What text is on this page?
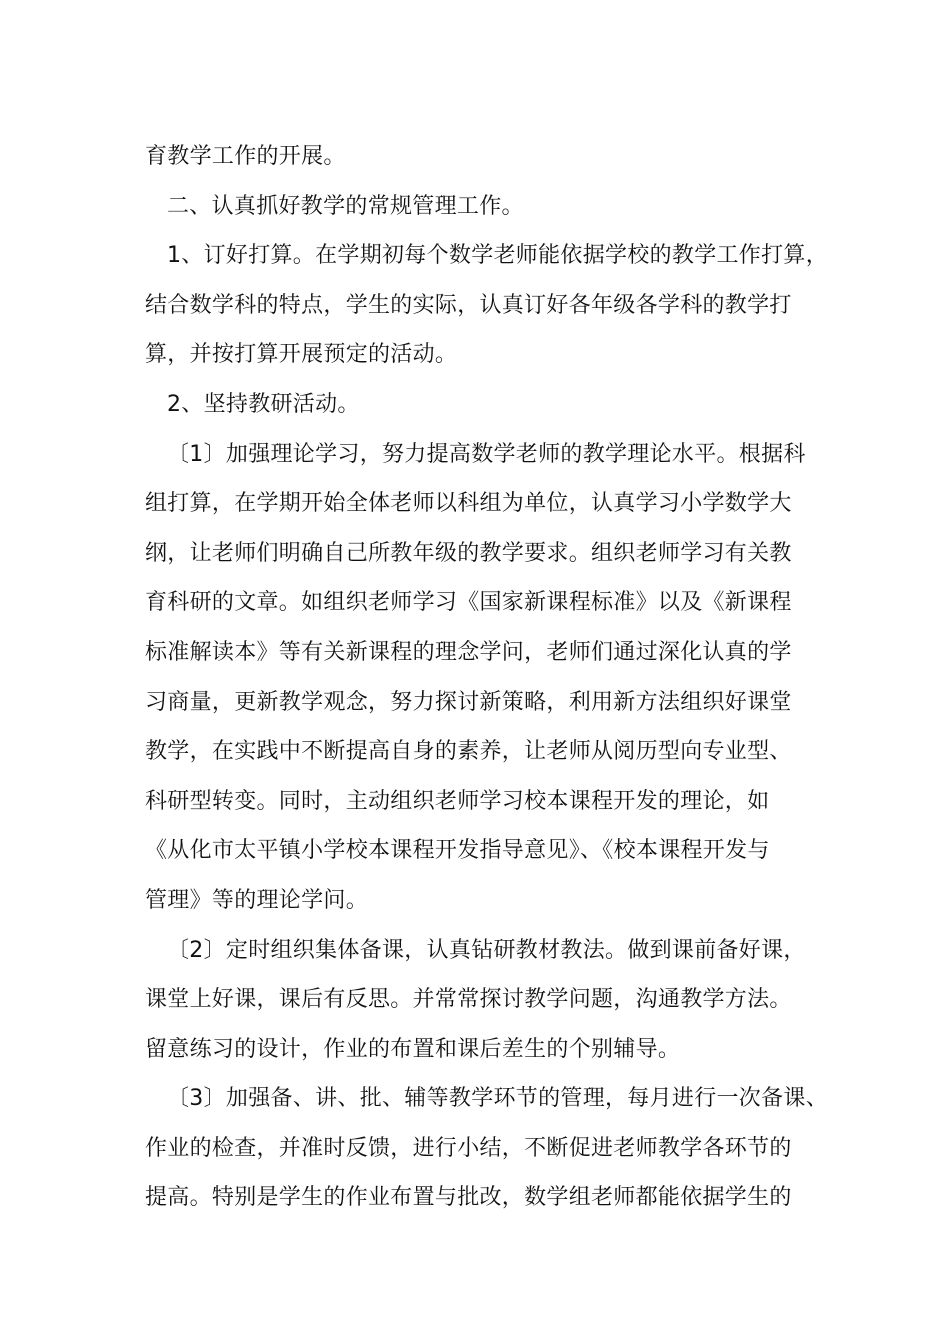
育教学工作的开展。
二、认真抓好教学的常规管理工作。
1、订好打算。在学期初每个数学老师能依据学校的教学工作打算，
结合数学科的特点，学生的实际，认真订好各年级各学科的教学打
算，并按打算开展预定的活动。
2、坚持教研活动。
〔1〕加强理论学习，努力提高数学老师的教学理论水平。根据科
组打算，在学期开始全体老师以科组为单位，认真学习小学数学大
纲，让老师们明确自己所教年级的教学要求。组织老师学习有关教
育科研的文章。如组织老师学习《国家新课程标准》以及《新课程
标准解读本》等有关新课程的理念学问，老师们通过深化认真的学
习商量，更新教学观念，努力探讨新策略，利用新方法组织好课堂
教学，在实践中不断提高自身的素养，让老师从阅历型向专业型、
科研型转变。同时，主动组织老师学习校本课程开发的理论，如
《从化市太平镇小学校本课程开发指导意见》、《校本课程开发与
管理》等的理论学问。
〔2〕定时组织集体备课，认真钻研教材教法。做到课前备好课，
课堂上好课，课后有反思。并常常探讨教学问题，沟通教学方法。
留意练习的设计，作业的布置和课后差生的个别辅导。
〔3〕加强备、讲、批、辅等教学环节的管理，每月进行一次备课、
作业的检查，并准时反馈，进行小结，不断促进老师教学各环节的
提高。特别是学生的作业布置与批改，数学组老师都能依据学生的
